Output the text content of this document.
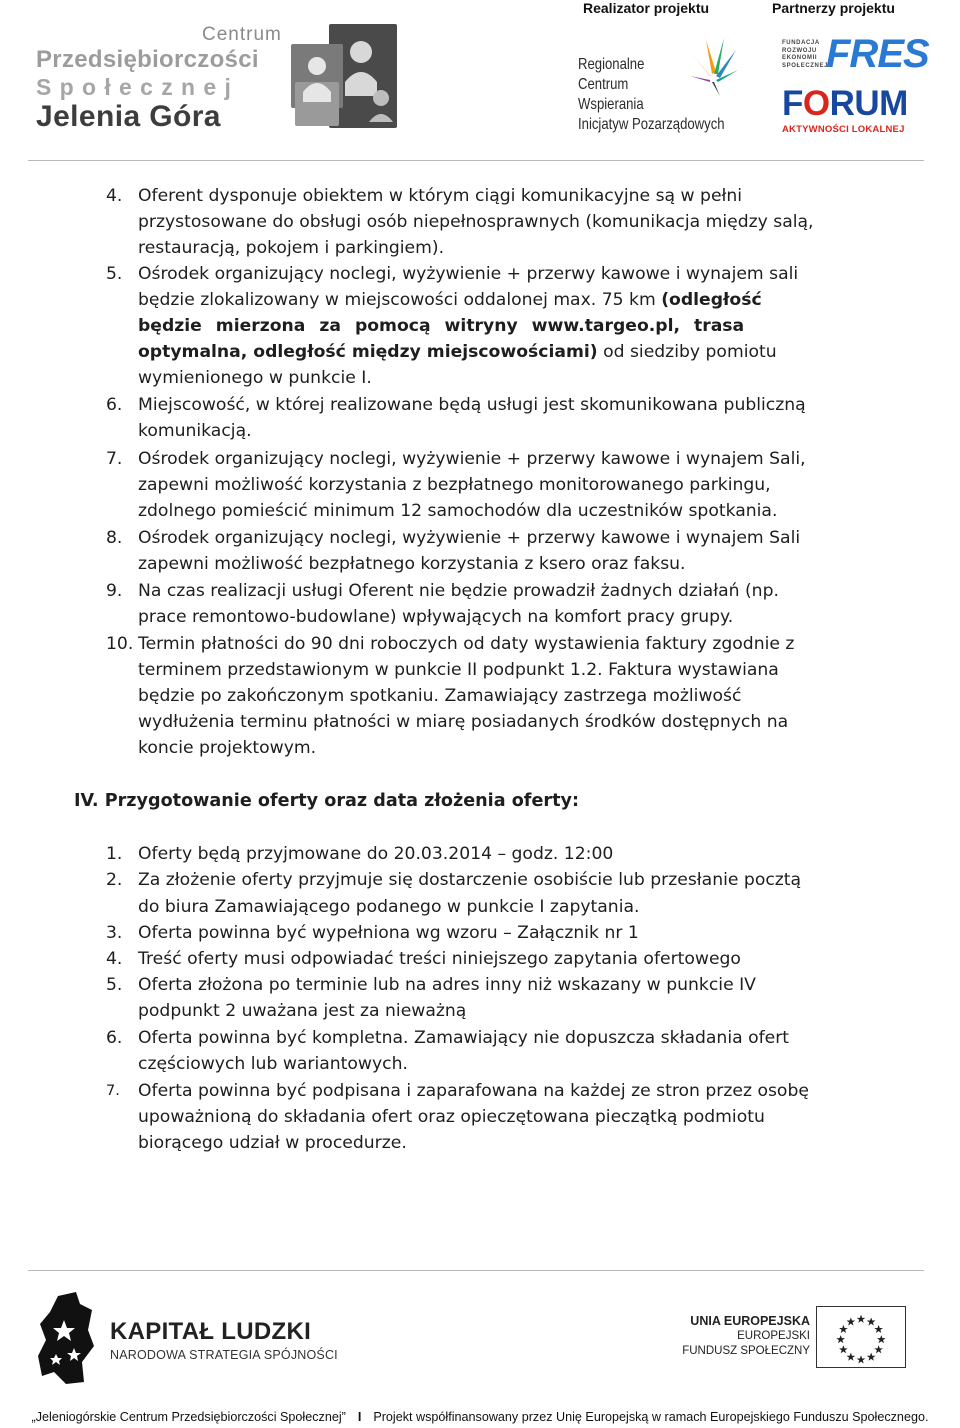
Realizator projektu	Partnerzy projektu
Centrum
Przedsiębiorczości
Społecznej
Jelenia Góra
Regionalne
Centrum
Wspierania
Inicjatyw Pozarządowych
FUNDACJA ROZWOJU EKONOMII SPOŁECZNEJ
FRES
FORUM
AKTYWNOŚCI LOKALNEJ
4. Oferent dysponuje obiektem w którym ciągi komunikacyjne są w pełni
przystosowane do obsługi osób niepełnosprawnych (komunikacja między salą,
restauracją, pokojem i parkingiem).
5. Ośrodek organizujący noclegi, wyżywienie + przerwy kawowe i wynajem sali
będzie zlokalizowany w miejscowości oddalonej max. 75 km (odległość
będzie mierzona za pomocą witryny www.targeo.pl, trasa
optymalna, odległość między miejscowościami) od siedziby pomiotu
wymienionego w punkcie I.
6. Miejscowość, w której realizowane będą usługi jest skomunikowana publiczną
komunikacją.
7. Ośrodek organizujący noclegi, wyżywienie + przerwy kawowe i wynajem Sali,
zapewni możliwość korzystania z bezpłatnego monitorowanego parkingu,
zdolnego pomieścić minimum 12 samochodów dla uczestników spotkania.
8. Ośrodek organizujący noclegi, wyżywienie + przerwy kawowe i wynajem Sali
zapewni możliwość bezpłatnego korzystania z ksero oraz faksu.
9. Na czas realizacji usługi Oferent nie będzie prowadził żadnych działań (np.
prace remontowo-budowlane) wpływających na komfort pracy grupy.
10. Termin płatności do 90 dni roboczych od daty wystawienia faktury zgodnie z
terminem przedstawionym w punkcie II podpunkt 1.2. Faktura wystawiana
będzie po zakończonym spotkaniu. Zamawiający zastrzega możliwość
wydłużenia terminu płatności w miarę posiadanych środków dostępnych na
koncie projektowym.
IV. Przygotowanie oferty oraz data złożenia oferty:
1. Oferty będą przyjmowane do 20.03.2014 – godz. 12:00
2. Za złożenie oferty przyjmuje się dostarczenie osobiście lub przesłanie pocztą
do biura Zamawiającego podanego w punkcie I zapytania.
3. Oferta powinna być wypełniona wg wzoru – Załącznik nr 1
4. Treść oferty musi odpowiadać treści niniejszego zapytania ofertowego
5. Oferta złożona po terminie lub na adres inny niż wskazany w punkcie IV
podpunkt 2 uważana jest za nieważną
6. Oferta powinna być kompletna. Zamawiający nie dopuszcza składania ofert
częściowych lub wariantowych.
7. Oferta powinna być podpisana i zaparafowana na każdej ze stron przez osobę
upoważnioną do składania ofert oraz opieczętowana pieczątką podmiotu
biorącego udział w procedurze.
KAPITAŁ LUDZKI
NARODOWA STRATEGIA SPÓJNOŚCI
UNIA EUROPEJSKA
EUROPEJSKI
FUNDUSZ SPOŁECZNY
„Jeleniogórskie Centrum Przedsiębiorczości Społecznej” I Projekt współfinansowany przez Unię Europejską w ramach Europejskiego Funduszu Społecznego.
